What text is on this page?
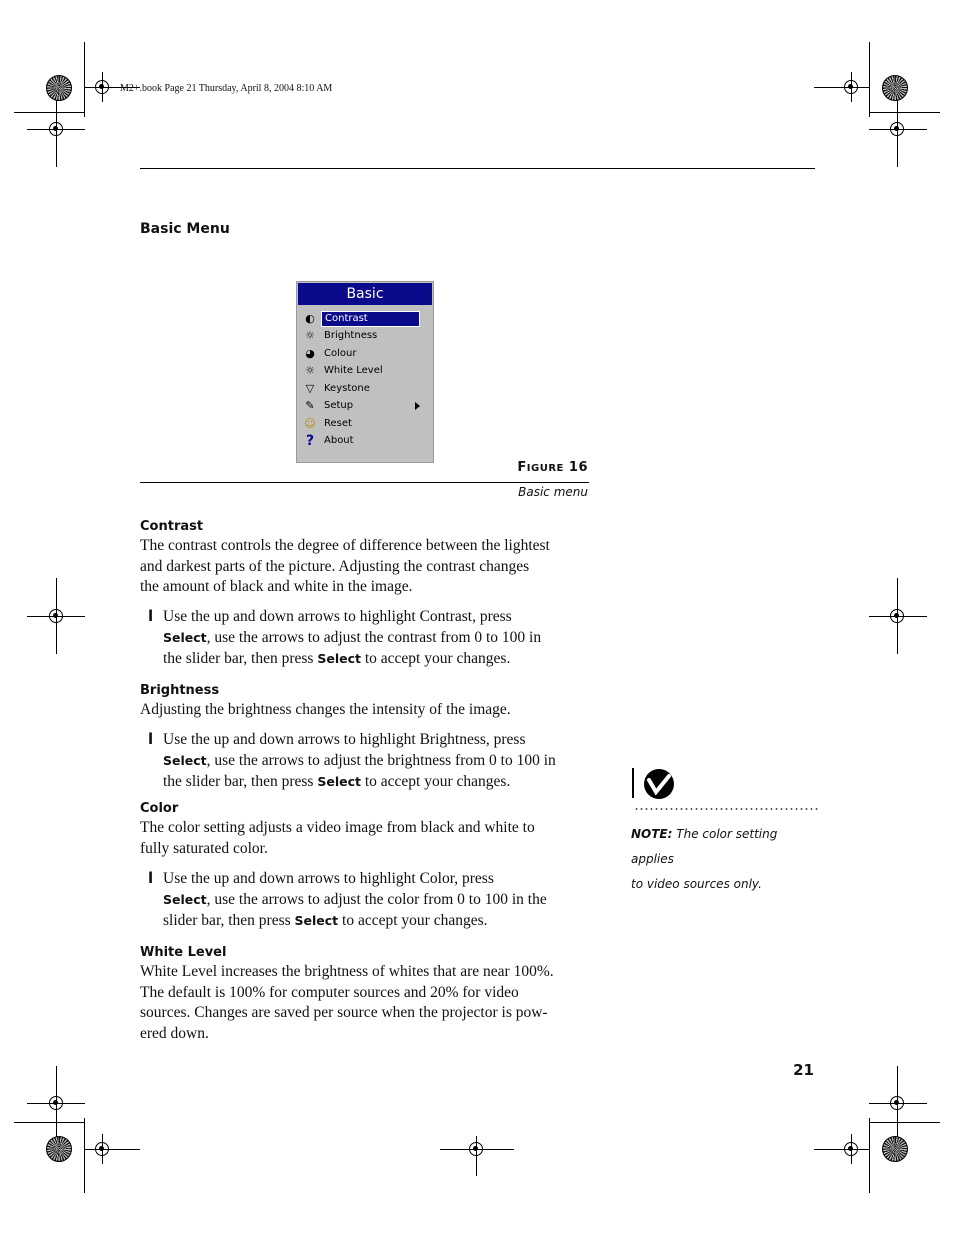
M2+.book Page 21 Thursday, April 8, 2004 8:10 AM
Basic Menu
Basic
◐	Contrast
☼ Brightness
◕ Colour
☼ White Level
▽ Keystone
✎ Setup
☺ Reset
? About
FIGURE 16
Basic menu
Contrast
The contrast controls the degree of difference between the lightest
and darkest parts of the picture. Adjusting the contrast changes
the amount of black and white in the image.
l Use the up and down arrows to highlight Contrast, press
Select, use the arrows to adjust the contrast from 0 to 100 in
the slider bar, then press Select to accept your changes.
Brightness
Adjusting the brightness changes the intensity of the image.
l Use the up and down arrows to highlight Brightness, press
Select, use the arrows to adjust the brightness from 0 to 100 in
the slider bar, then press Select to accept your changes.
Color
The color setting adjusts a video image from black and white to
fully saturated color.
l Use the up and down arrows to highlight Color, press
Select, use the arrows to adjust the color from 0 to 100 in the
slider bar, then press Select to accept your changes.
White Level
White Level increases the brightness of whites that are near 100%.
The default is 100% for computer sources and 20% for video
sources. Changes are saved per source when the projector is pow-
ered down.
NOTE: The color setting applies
to video sources only.
21
